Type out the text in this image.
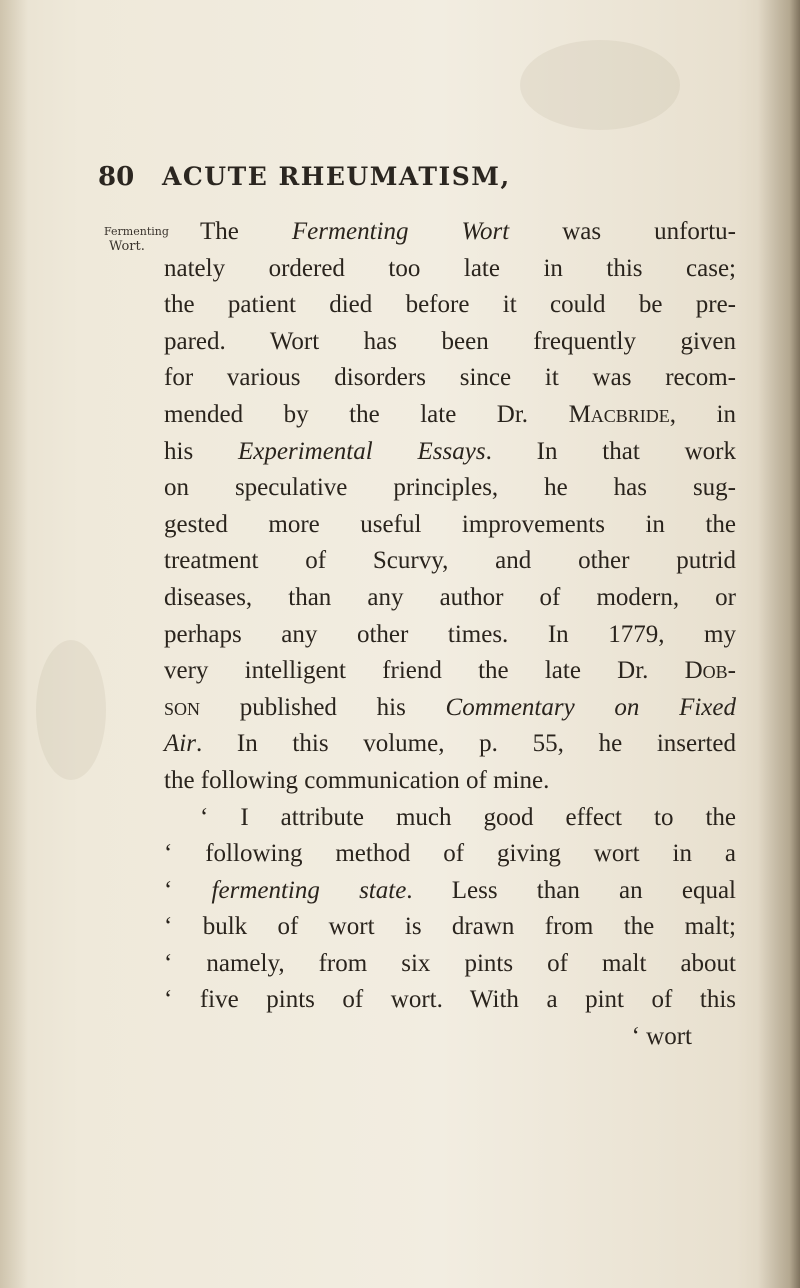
80 ACUTE RHEUMATISM,
Fermenting
Wort.
The Fermenting Wort was unfortu-
nately ordered too late in this case;
the patient died before it could be pre-
pared. Wort has been frequently given
for various disorders since it was recom-
mended by the late Dr. Macbride, in
his Experimental Essays. In that work
on speculative principles, he has sug-
gested more useful improvements in the
treatment of Scurvy, and other putrid
diseases, than any author of modern, or
perhaps any other times. In 1779, my
very intelligent friend the late Dr. Dob-
son published his Commentary on Fixed
Air. In this volume, p. 55, he inserted
the following communication of mine.
‘ I attribute much good effect to the
‘ following method of giving wort in a
‘ fermenting state. Less than an equal
‘ bulk of wort is drawn from the malt;
‘ namely, from six pints of malt about
‘ five pints of wort. With a pint of this
‘ wort
